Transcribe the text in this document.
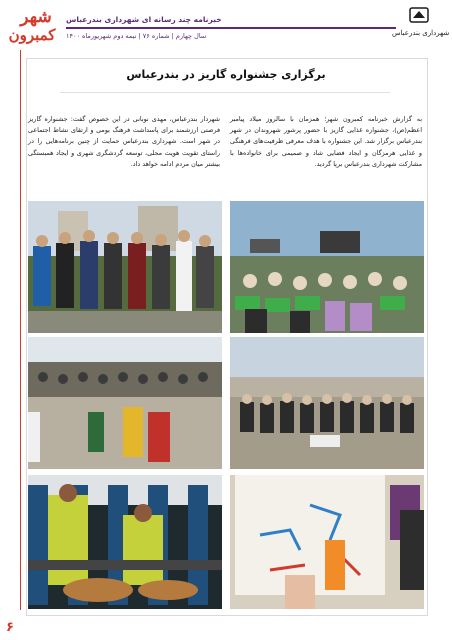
شهر
کمبرون
خبرنامه چند رسانه ای شهرداری بندرعباس
سال چهارم | شماره ۷۶ | نیمه دوم شهریورماه ۱۴۰۰	شهرداری بندرعباس
برگزاری جشنواره گاریز در بندرعباس
به گزارش خبرنامه کمبرون شهر؛ همزمان با سالروز میلاد پیامبر اعظم(ص)، جشنواره غذایی گاریز با حضور پرشور شهروندان در شهر بندرعباس برگزار شد. این جشنواره با هدف معرفی ظرفیت‌های فرهنگی و غذایی هرمزگان و ایجاد فضایی شاد و صمیمی برای خانواده‌ها با مشارکت شهرداری بندرعباس برپا گردید.
شهردار بندرعباس، مهدی نوبانی در این خصوص گفت: جشنواره گاریز فرصتی ارزشمند برای پاسداشت فرهنگ بومی و ارتقای نشاط اجتماعی در شهر است. شهرداری بندرعباس حمایت از چنین برنامه‌هایی را در راستای تقویت هویت محلی، توسعه گردشگری شهری و ایجاد همبستگی بیشتر میان مردم ادامه خواهد داد.
۶
